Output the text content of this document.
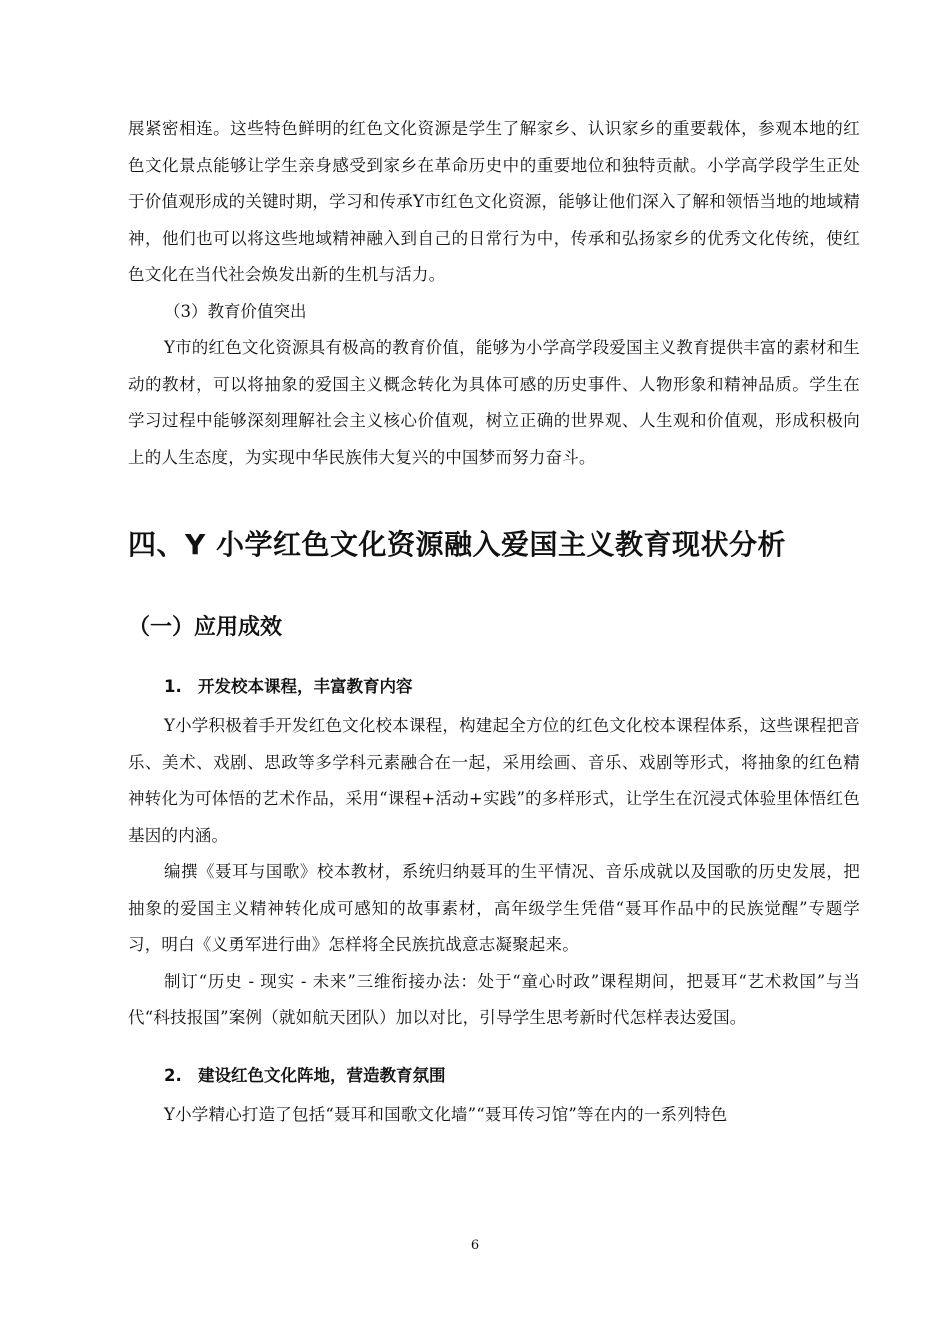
展紧密相连。这些特色鲜明的红色文化资源是学生了解家乡、认识家乡的重要载体，参观本地的红色文化景点能够让学生亲身感受到家乡在革命历史中的重要地位和独特贡献。小学高学段学生正处于价值观形成的关键时期，学习和传承Y市红色文化资源，能够让他们深入了解和领悟当地的地域精神，他们也可以将这些地域精神融入到自己的日常行为中，传承和弘扬家乡的优秀文化传统，使红色文化在当代社会焕发出新的生机与活力。

（3）教育价值突出

Y市的红色文化资源具有极高的教育价值，能够为小学高学段爱国主义教育提供丰富的素材和生动的教材，可以将抽象的爱国主义概念转化为具体可感的历史事件、人物形象和精神品质。学生在学习过程中能够深刻理解社会主义核心价值观，树立正确的世界观、人生观和价值观，形成积极向上的人生态度，为实现中华民族伟大复兴的中国梦而努力奋斗。

四、Y 小学红色文化资源融入爱国主义教育现状分析
（一）应用成效
1. 开发校本课程，丰富教育内容

Y小学积极着手开发红色文化校本课程，构建起全方位的红色文化校本课程体系，这些课程把音乐、美术、戏剧、思政等多学科元素融合在一起，采用绘画、音乐、戏剧等形式，将抽象的红色精神转化为可体悟的艺术作品，采用“课程+活动+实践”的多样形式，让学生在沉浸式体验里体悟红色基因的内涵。

编撰《聂耳与国歌》校本教材，系统归纳聂耳的生平情况、音乐成就以及国歌的历史发展，把抽象的爱国主义精神转化成可感知的故事素材，高年级学生凭借“聂耳作品中的民族觉醒”专题学习，明白《义勇军进行曲》怎样将全民族抗战意志凝聚起来。

制订“历史 - 现实 - 未来”三维衔接办法：处于“童心时政”课程期间，把聂耳“艺术救国”与当代“科技报国”案例（就如航天团队）加以对比，引导学生思考新时代怎样表达爱国。

2. 建设红色文化阵地，营造教育氛围

Y小学精心打造了包括“聂耳和国歌文化墙”“聂耳传习馆”等在内的一系列特色

6
